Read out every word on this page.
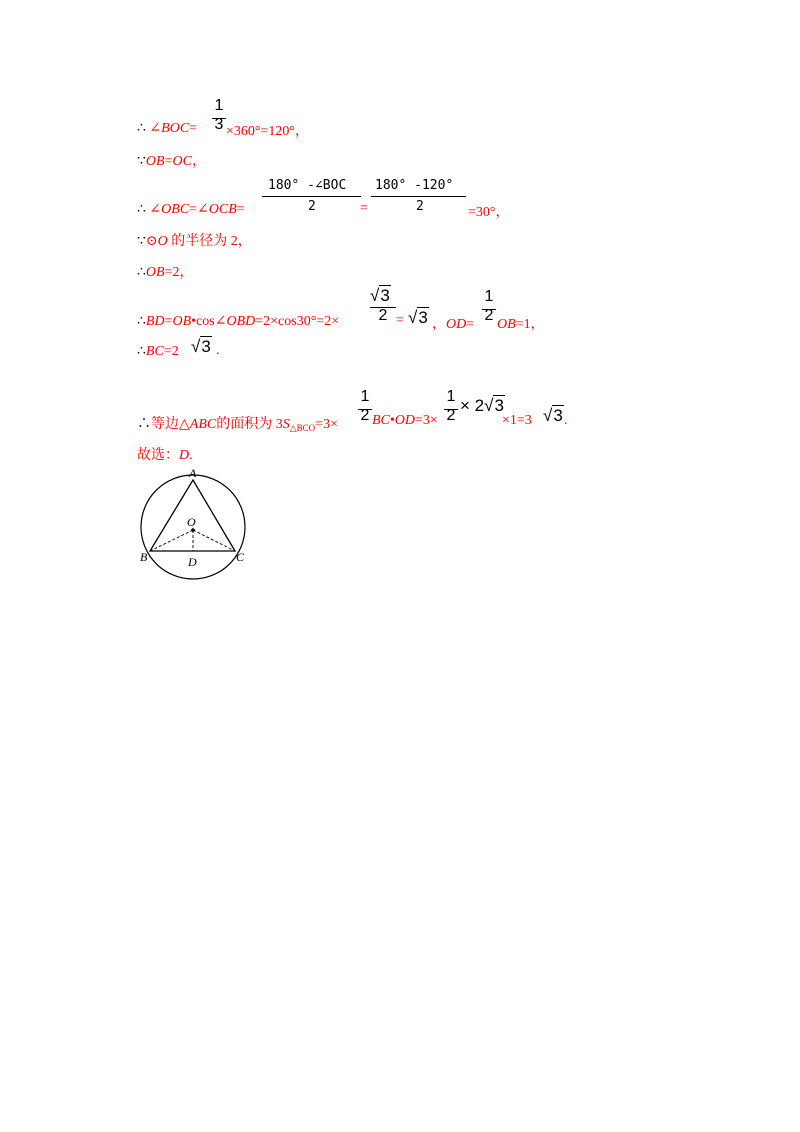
1
3
∴ ∠BOC= ×360°=120°，
∵OB=OC，
180° -∠BOC
2
180° -120°
2
∴ ∠OBC=∠OCB=	=	=30°，
∵⊙O 的半径为 2，
∴OB=2，
√3
2
1
2
∴BD=OB•cos∠OBD=2×cos30°=2×	= √3 ，OD= OB=1，
∴BC=2 √3 .
1
2
1
2
∴等边△ABC的面积为 $3S_{\triangle BCO}=3\times$ BC•OD=3×
× 2√3
×1=3 √3 .
故选：D.
A
O
B	C
D
